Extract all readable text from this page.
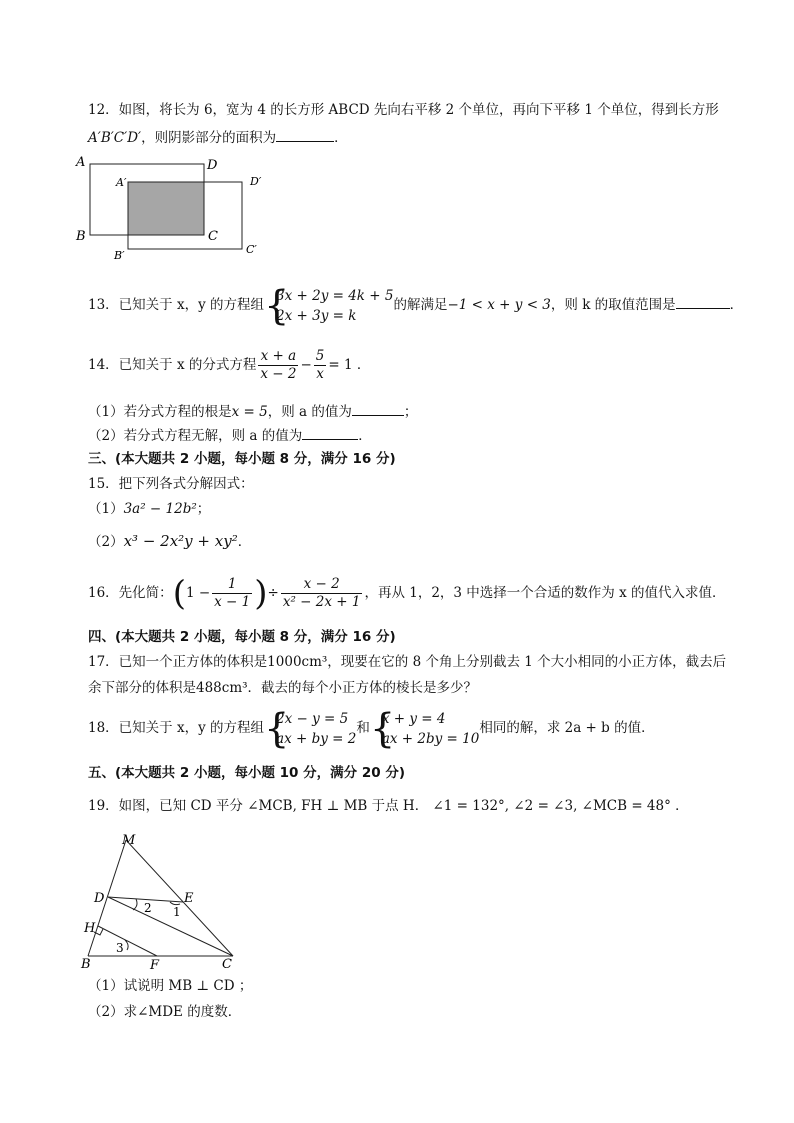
12．如图，将长为 6，宽为 4 的长方形 ABCD 先向右平移 2 个单位，再向下平移 1 个单位，得到长方形
A′B′C′D′，则阴影部分的面积为	．
A	D
B	C
A′	D′
B′	C′
13．已知关于 x，y 的方程组 {
3x + 2y = 4k + 5
2x + 3y = k
的解满足−1 < x + y < 3，则 k 的取值范围是	．
14．已知关于 x 的分式方程 $\frac{x + a}{x - 2} - \frac{5}{x} = 1$ ．
（1）若分式方程的根是x = 5，则 a 的值为	；
（2）若分式方程无解，则 a 的值为	．
三、(本大题共 2 小题，每小题 8 分，满分 16 分)
15．把下列各式分解因式：
（1）3a² − 12b²；
（2）x³ − 2x²y + xy²．
16．先化简：($1 - \frac{1}{x - 1}$ )÷ $\frac{x - 2}{\text{x² − 2x + 1}}$ ，再从 1，2，3 中选择一个合适的数作为 x 的值代入求值．
四、(本大题共 2 小题，每小题 8 分，满分 16 分)
17．已知一个正方体的体积是1000cm³，现要在它的 8 个角上分别截去 1 个大小相同的小正方体，截去后
余下部分的体积是488cm³．截去的每个小正方体的棱长是多少？
18．已知关于 x，y 的方程组 {
2x − y = 5
ax + by = 2
和 {
x + y = 4
ax + 2by = 10
相同的解，求 2a + b 的值．
五、(本大题共 2 小题，每小题 10 分，满分 20 分)
19．如图，已知 CD 平分 ∠MCB, FH ⊥ MB 于点 H． ∠1 = 132°, ∠2 = ∠3, ∠MCB = 48° ．
M
D	E
H
B	F	C
1
2
3
（1）试说明 MB ⊥ CD ；
（2）求∠MDE 的度数．
